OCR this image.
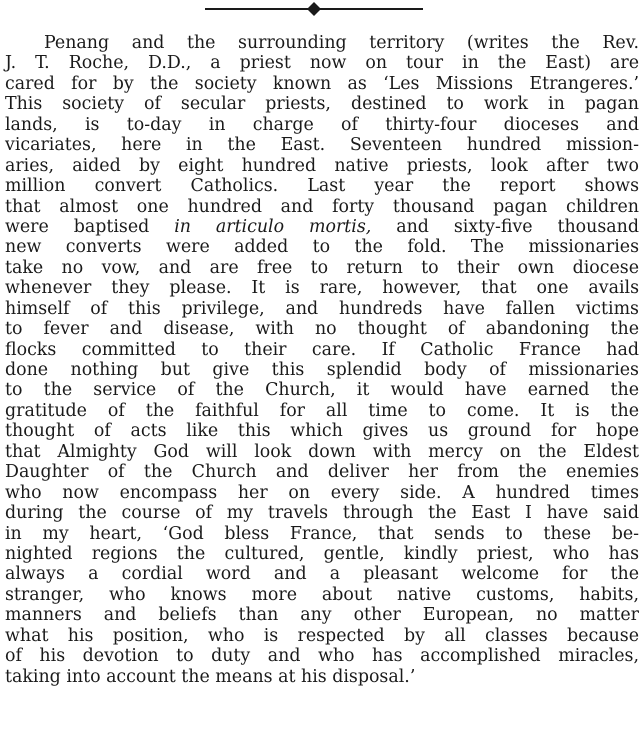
Penang and the surrounding territory (writes the Rev.
J. T. Roche, D.D., a priest now on tour in the East) are
cared for by the society known as ‘Les Missions Etrangeres.’
This society of secular priests, destined to work in pagan
lands, is to-day in charge of thirty-four dioceses and
vicariates, here in the East. Seventeen hundred mission-
aries, aided by eight hundred native priests, look after two
million convert Catholics. Last year the report shows
that almost one hundred and forty thousand pagan children
were baptised in articulo mortis, and sixty-five thousand
new converts were added to the fold. The missionaries
take no vow, and are free to return to their own diocese
whenever they please. It is rare, however, that one avails
himself of this privilege, and hundreds have fallen victims
to fever and disease, with no thought of abandoning the
flocks committed to their care. If Catholic France had
done nothing but give this splendid body of missionaries
to the service of the Church, it would have earned the
gratitude of the faithful for all time to come. It is the
thought of acts like this which gives us ground for hope
that Almighty God will look down with mercy on the Eldest
Daughter of the Church and deliver her from the enemies
who now encompass her on every side. A hundred times
during the course of my travels through the East I have said
in my heart, ‘God bless France, that sends to these be-
nighted regions the cultured, gentle, kindly priest, who has
always a cordial word and a pleasant welcome for the
stranger, who knows more about native customs, habits,
manners and beliefs than any other European, no matter
what his position, who is respected by all classes because
of his devotion to duty and who has accomplished miracles,
taking into account the means at his disposal.’
